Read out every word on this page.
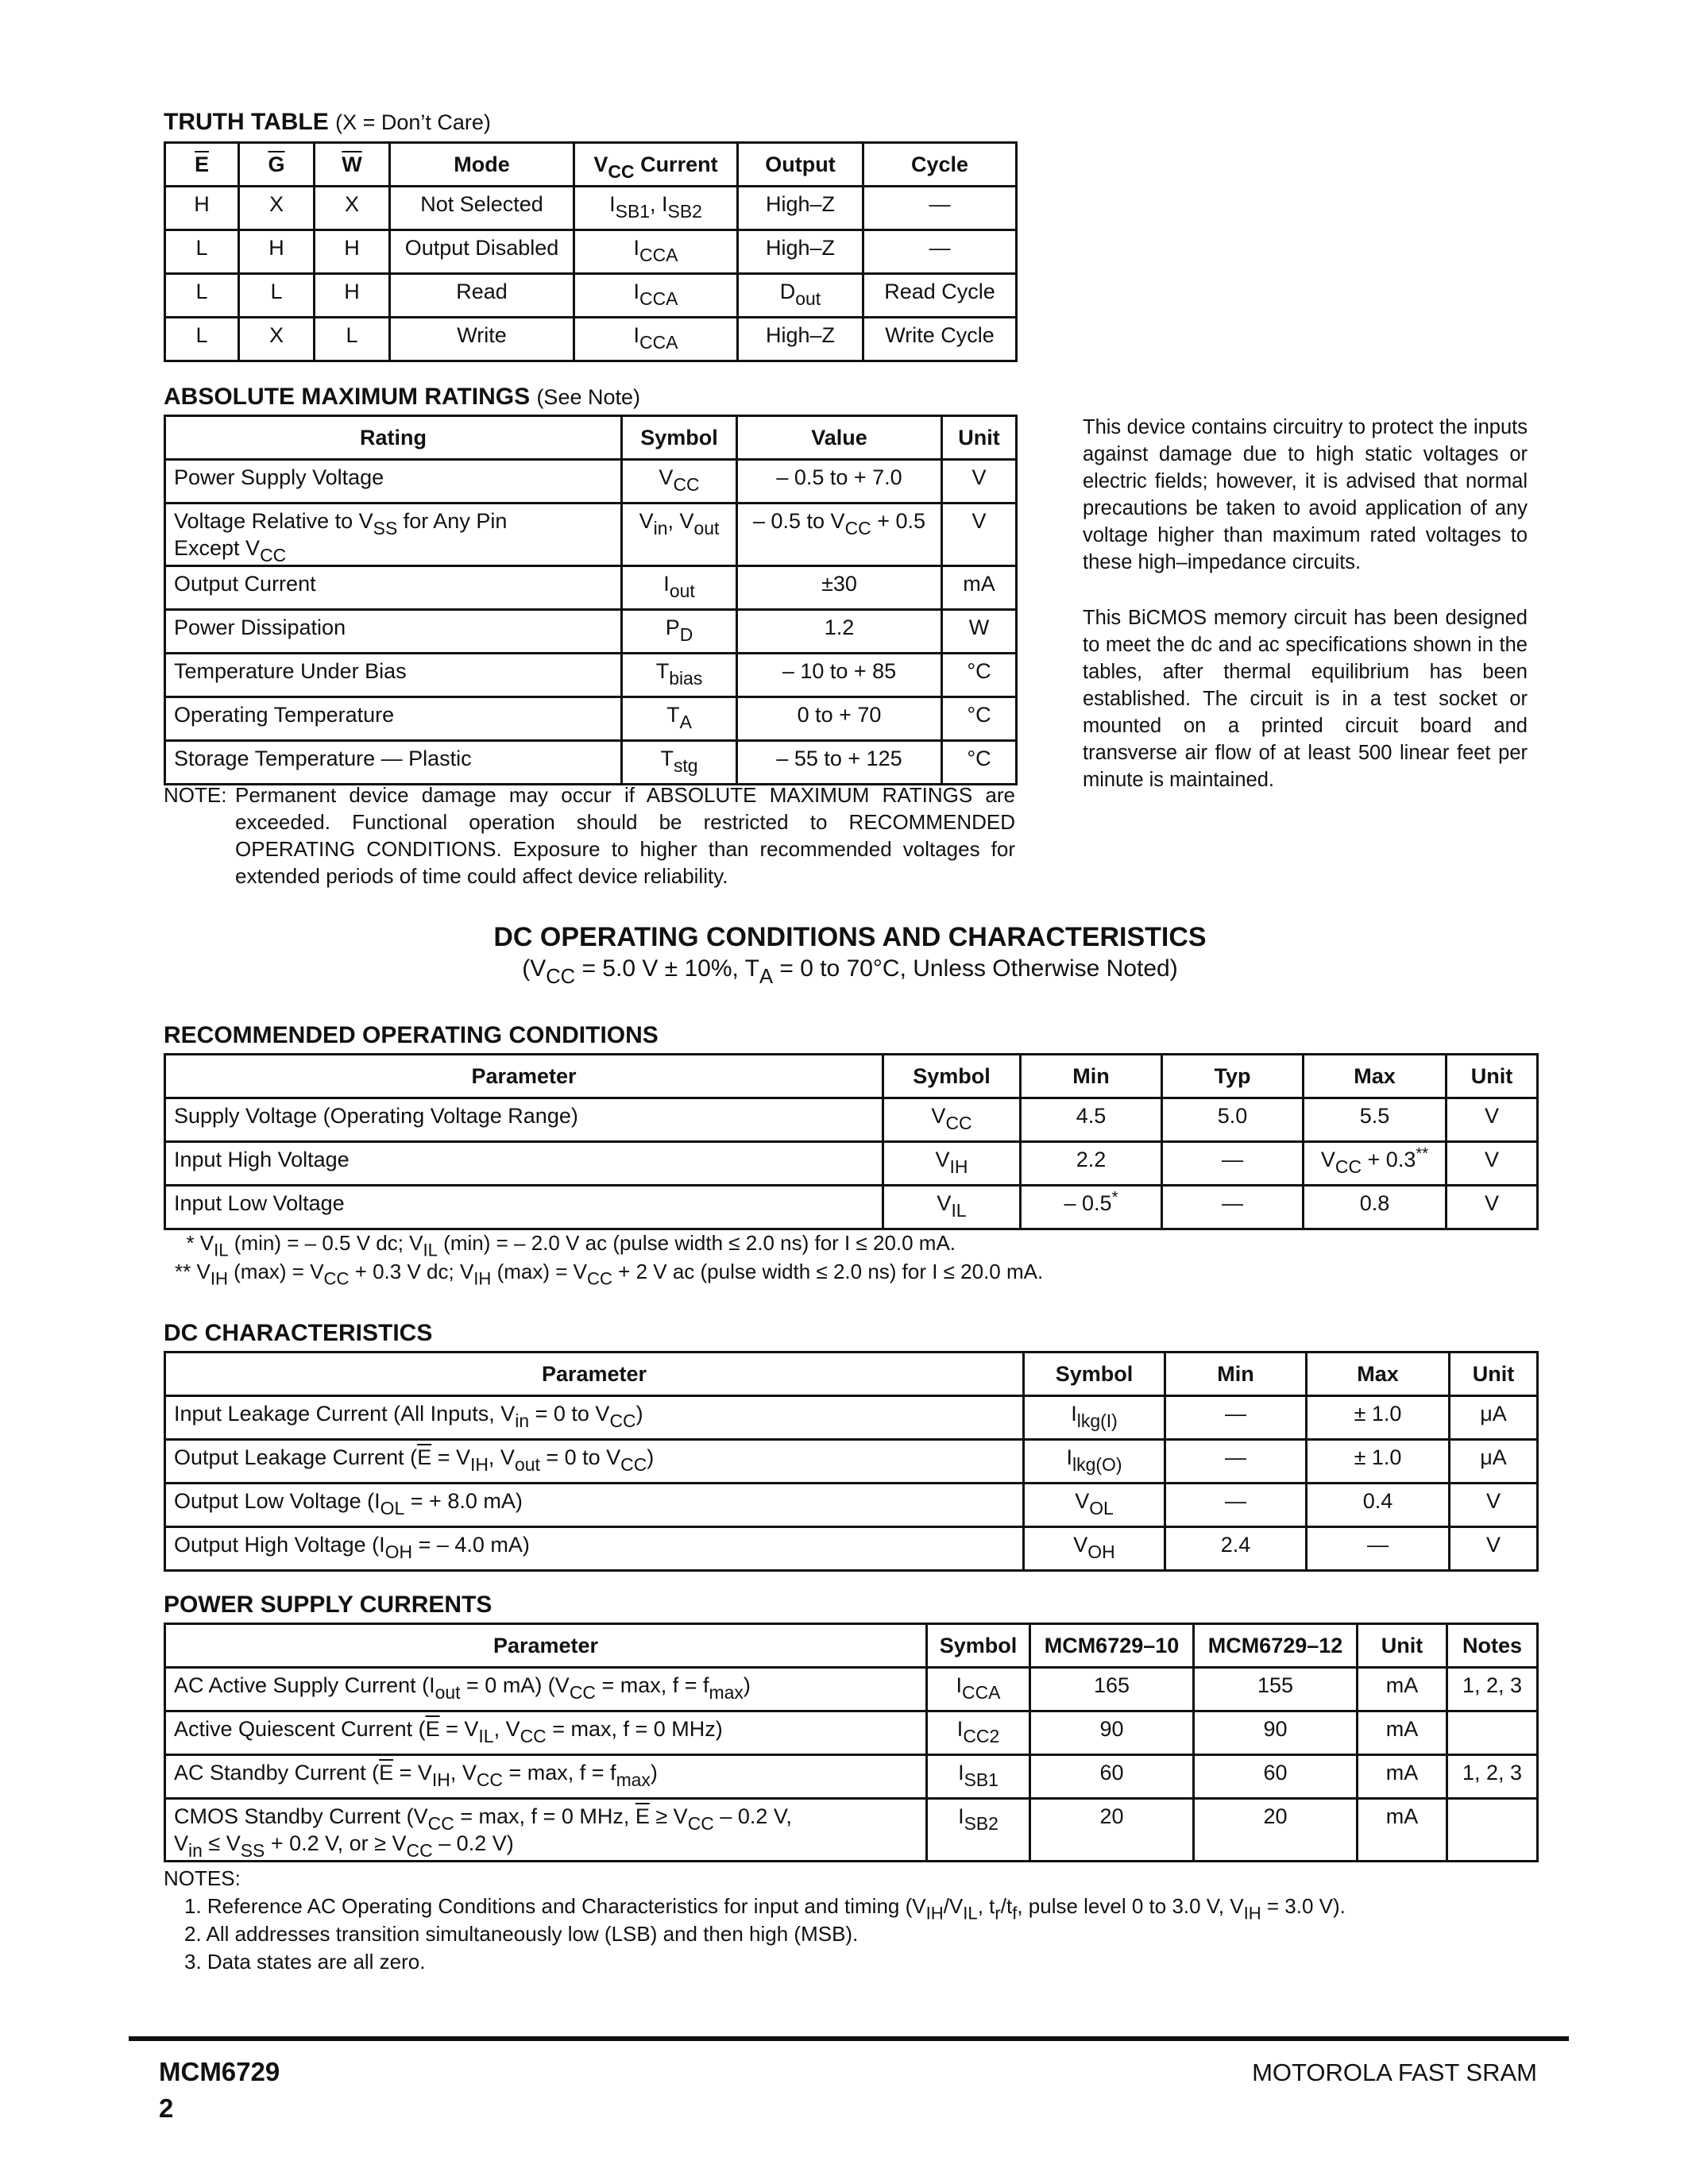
TRUTH TABLE (X = Don’t Care)
$\overline{E}$	$\overline{G}$	$\overline{W}$	Mode	$V_{CC}$ Current	Output	Cycle
H	X	X	Not Selected	$I_{SB1}$, $I_{SB2}$	High–Z	—
L	H	H	Output Disabled	$I_{CCA}$	High–Z	—
L	L	H	Read	$I_{CCA}$	$D_{out}$	Read Cycle
L	X	L	Write	$I_{CCA}$	High–Z	Write Cycle
ABSOLUTE MAXIMUM RATINGS (See Note)
Rating	Symbol	Value	Unit
Power Supply Voltage	$V_{CC}$	– 0.5 to + 7.0	V
Voltage Relative to $V_{SS}$ for Any Pin
Except $V_{CC}$	$V_{in}$, $V_{out}$	– 0.5 to $V_{CC} + 0.5$	V
Output Current	$I_{out}$	±30	mA
Power Dissipation	$P_D$	1.2	W
Temperature Under Bias	$T_{bias}$	– 10 to + 85	°C
Operating Temperature	$T_A$	0 to + 70	°C
Storage Temperature — Plastic	$T_{stg}$	– 55 to + 125	°C
NOTE: Permanent device damage may occur if ABSOLUTE MAXIMUM RATINGS are exceeded. Functional operation should be restricted to RECOMMENDED OPERATING CONDITIONS. Exposure to higher than recommended voltages for extended periods of time could affect device reliability.
This device contains circuitry to protect the inputs against damage due to high static voltages or electric fields; however, it is advised that normal precautions be taken to avoid application of any voltage higher than maximum rated voltages to these high–impedance circuits.
This BiCMOS memory circuit has been designed to meet the dc and ac specifications shown in the tables, after thermal equilibrium has been established. The circuit is in a test socket or mounted on a printed circuit board and transverse air flow of at least 500 linear feet per minute is maintained.
DC OPERATING CONDITIONS AND CHARACTERISTICS
($V_{CC} = 5.0$ V ± 10%, $T_A = 0$ to 70°C, Unless Otherwise Noted)
RECOMMENDED OPERATING CONDITIONS
Parameter	Symbol	Min	Typ	Max	Unit
Supply Voltage (Operating Voltage Range)	$V_{CC}$	4.5	5.0	5.5	V
Input High Voltage	$V_{IH}$	2.2	—	$V_{CC} + 0.3^{**}$	V
Input Low Voltage	$V_{IL}$	– 0.5*	—	0.8	V
* $V_{IL}$ (min) = – 0.5 V dc; $V_{IL}$ (min) = – 2.0 V ac (pulse width ≤ 2.0 ns) for I ≤ 20.0 mA.
** $V_{IH}$ $(\max) = V_{CC} + 0.3$ V dc; $V_{IH}$ $(\max) = V_{CC} + 2$ V ac (pulse width ≤ 2.0 ns) for I ≤ 20.0 mA.
DC CHARACTERISTICS
Parameter	Symbol	Min	Max	Unit
Input Leakage Current (All Inputs, $V_{in} = 0$ to $V_{CC}$)	$I_{lkg(I)}$	—	± 1.0	μA
Output Leakage Current ($\overline{E} = V_{IH}$, $V_{out} = 0$ to $V_{CC}$)	$I_{lkg(O)}$	—	± 1.0	μA
Output Low Voltage ($I_{OL}$ = + 8.0 mA)	$V_{OL}$	—	0.4	V
Output High Voltage ($I_{OH}$ = – 4.0 mA)	$V_{OH}$	2.4	—	V
POWER SUPPLY CURRENTS
Parameter	Symbol	MCM6729–10	MCM6729–12	Unit	Notes
AC Active Supply Current ($I_{out} = 0$ mA) ($V_{CC} = \max$, $f = f_{max}$)	$I_{CCA}$	165	155	mA	1, 2, 3
Active Quiescent Current ($\overline{E} = V_{IL}$, $V_{CC} = \max$, f = 0 MHz)	$I_{CC2}$	90	90	mA	
AC Standby Current ($\overline{E} = V_{IH}$, $V_{CC} = \max$, $f = f_{max}$)	$I_{SB1}$	60	60	mA	1, 2, 3
CMOS Standby Current ($V_{CC} = \max$, f = 0 MHz, $\overline{E} \ge V_{CC} - 0.2$ V,
$V_{in} \le V_{SS} + 0.2$ V, or ≥ $V_{CC} - 0.2$ V)	$I_{SB2}$	20	20	mA	
NOTES:
1. Reference AC Operating Conditions and Characteristics for input and timing ($V_{IH}/V_{IL}$, $t_r/t_f$, pulse level 0 to 3.0 V, $V_{IH} = 3.0$ V).
2. All addresses transition simultaneously low (LSB) and then high (MSB).
3. Data states are all zero.
MCM6729
2
MOTOROLA FAST SRAM
